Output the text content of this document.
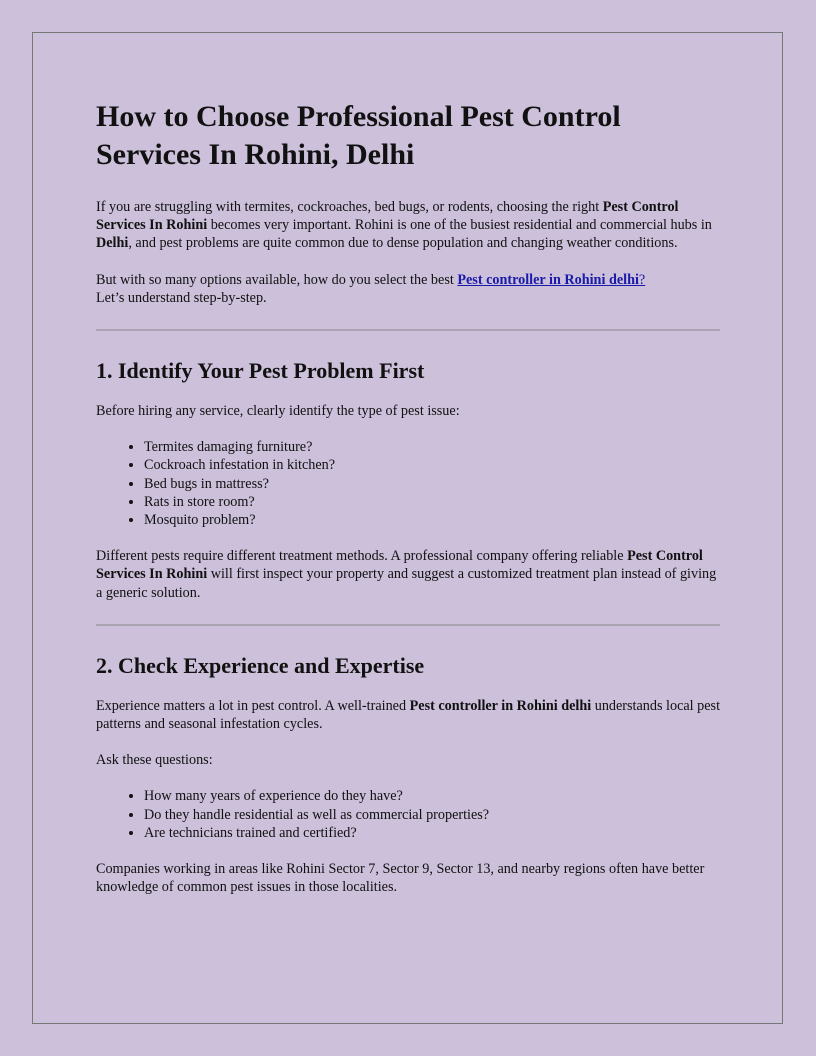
How to Choose Professional Pest Control Services In Rohini, Delhi

If you are struggling with termites, cockroaches, bed bugs, or rodents, choosing the right Pest Control Services In Rohini becomes very important. Rohini is one of the busiest residential and commercial hubs in Delhi, and pest problems are quite common due to dense population and changing weather conditions.

But with so many options available, how do you select the best Pest controller in Rohini delhi?
Let’s understand step-by-step.

1. Identify Your Pest Problem First

Before hiring any service, clearly identify the type of pest issue:

• Termites damaging furniture?
• Cockroach infestation in kitchen?
• Bed bugs in mattress?
• Rats in store room?
• Mosquito problem?

Different pests require different treatment methods. A professional company offering reliable Pest Control Services In Rohini will first inspect your property and suggest a customized treatment plan instead of giving a generic solution.

2. Check Experience and Expertise

Experience matters a lot in pest control. A well-trained Pest controller in Rohini delhi understands local pest patterns and seasonal infestation cycles.

Ask these questions:

• How many years of experience do they have?
• Do they handle residential as well as commercial properties?
• Are technicians trained and certified?

Companies working in areas like Rohini Sector 7, Sector 9, Sector 13, and nearby regions often have better knowledge of common pest issues in those localities.
